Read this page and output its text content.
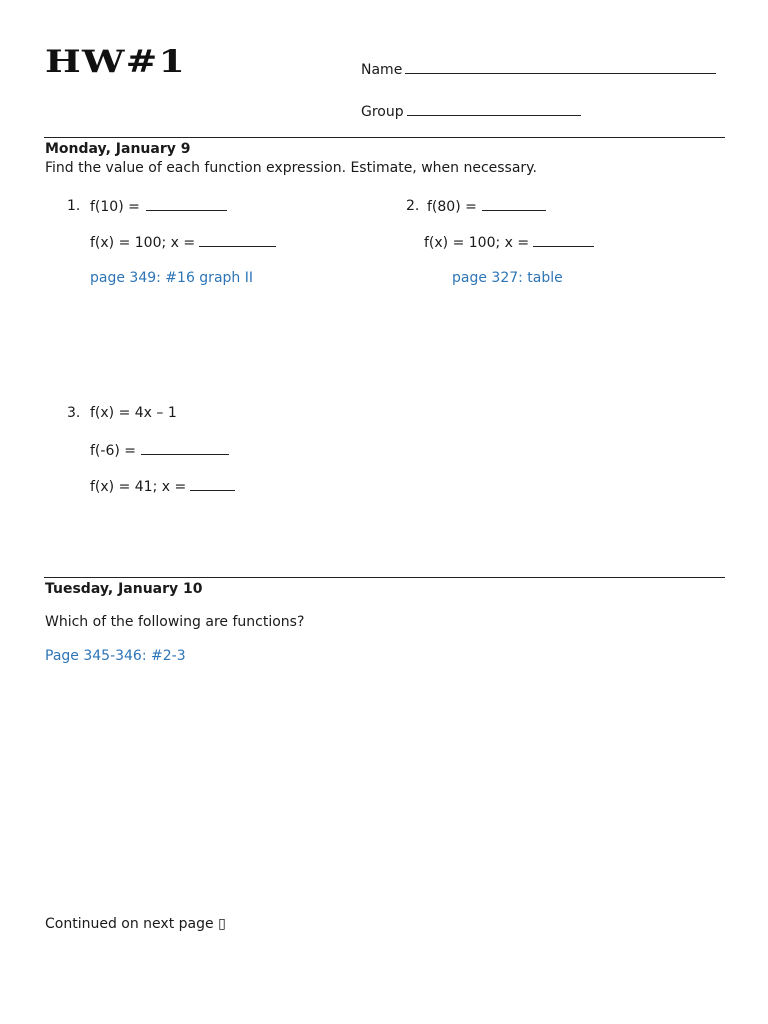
HW#1	Name
Group
Monday, January 9
Find the value of each function expression. Estimate, when necessary.
1. f(10) =
f(x) = 100; x =
page 349: #16 graph II
2. f(80) =
f(x) = 100; x =
page 327: table
3. f(x) = 4x – 1
f(-6) =
f(x) = 41; x =
Tuesday, January 10
Which of the following are functions?
Page 345-346: #2-3
Continued on next page ▯
